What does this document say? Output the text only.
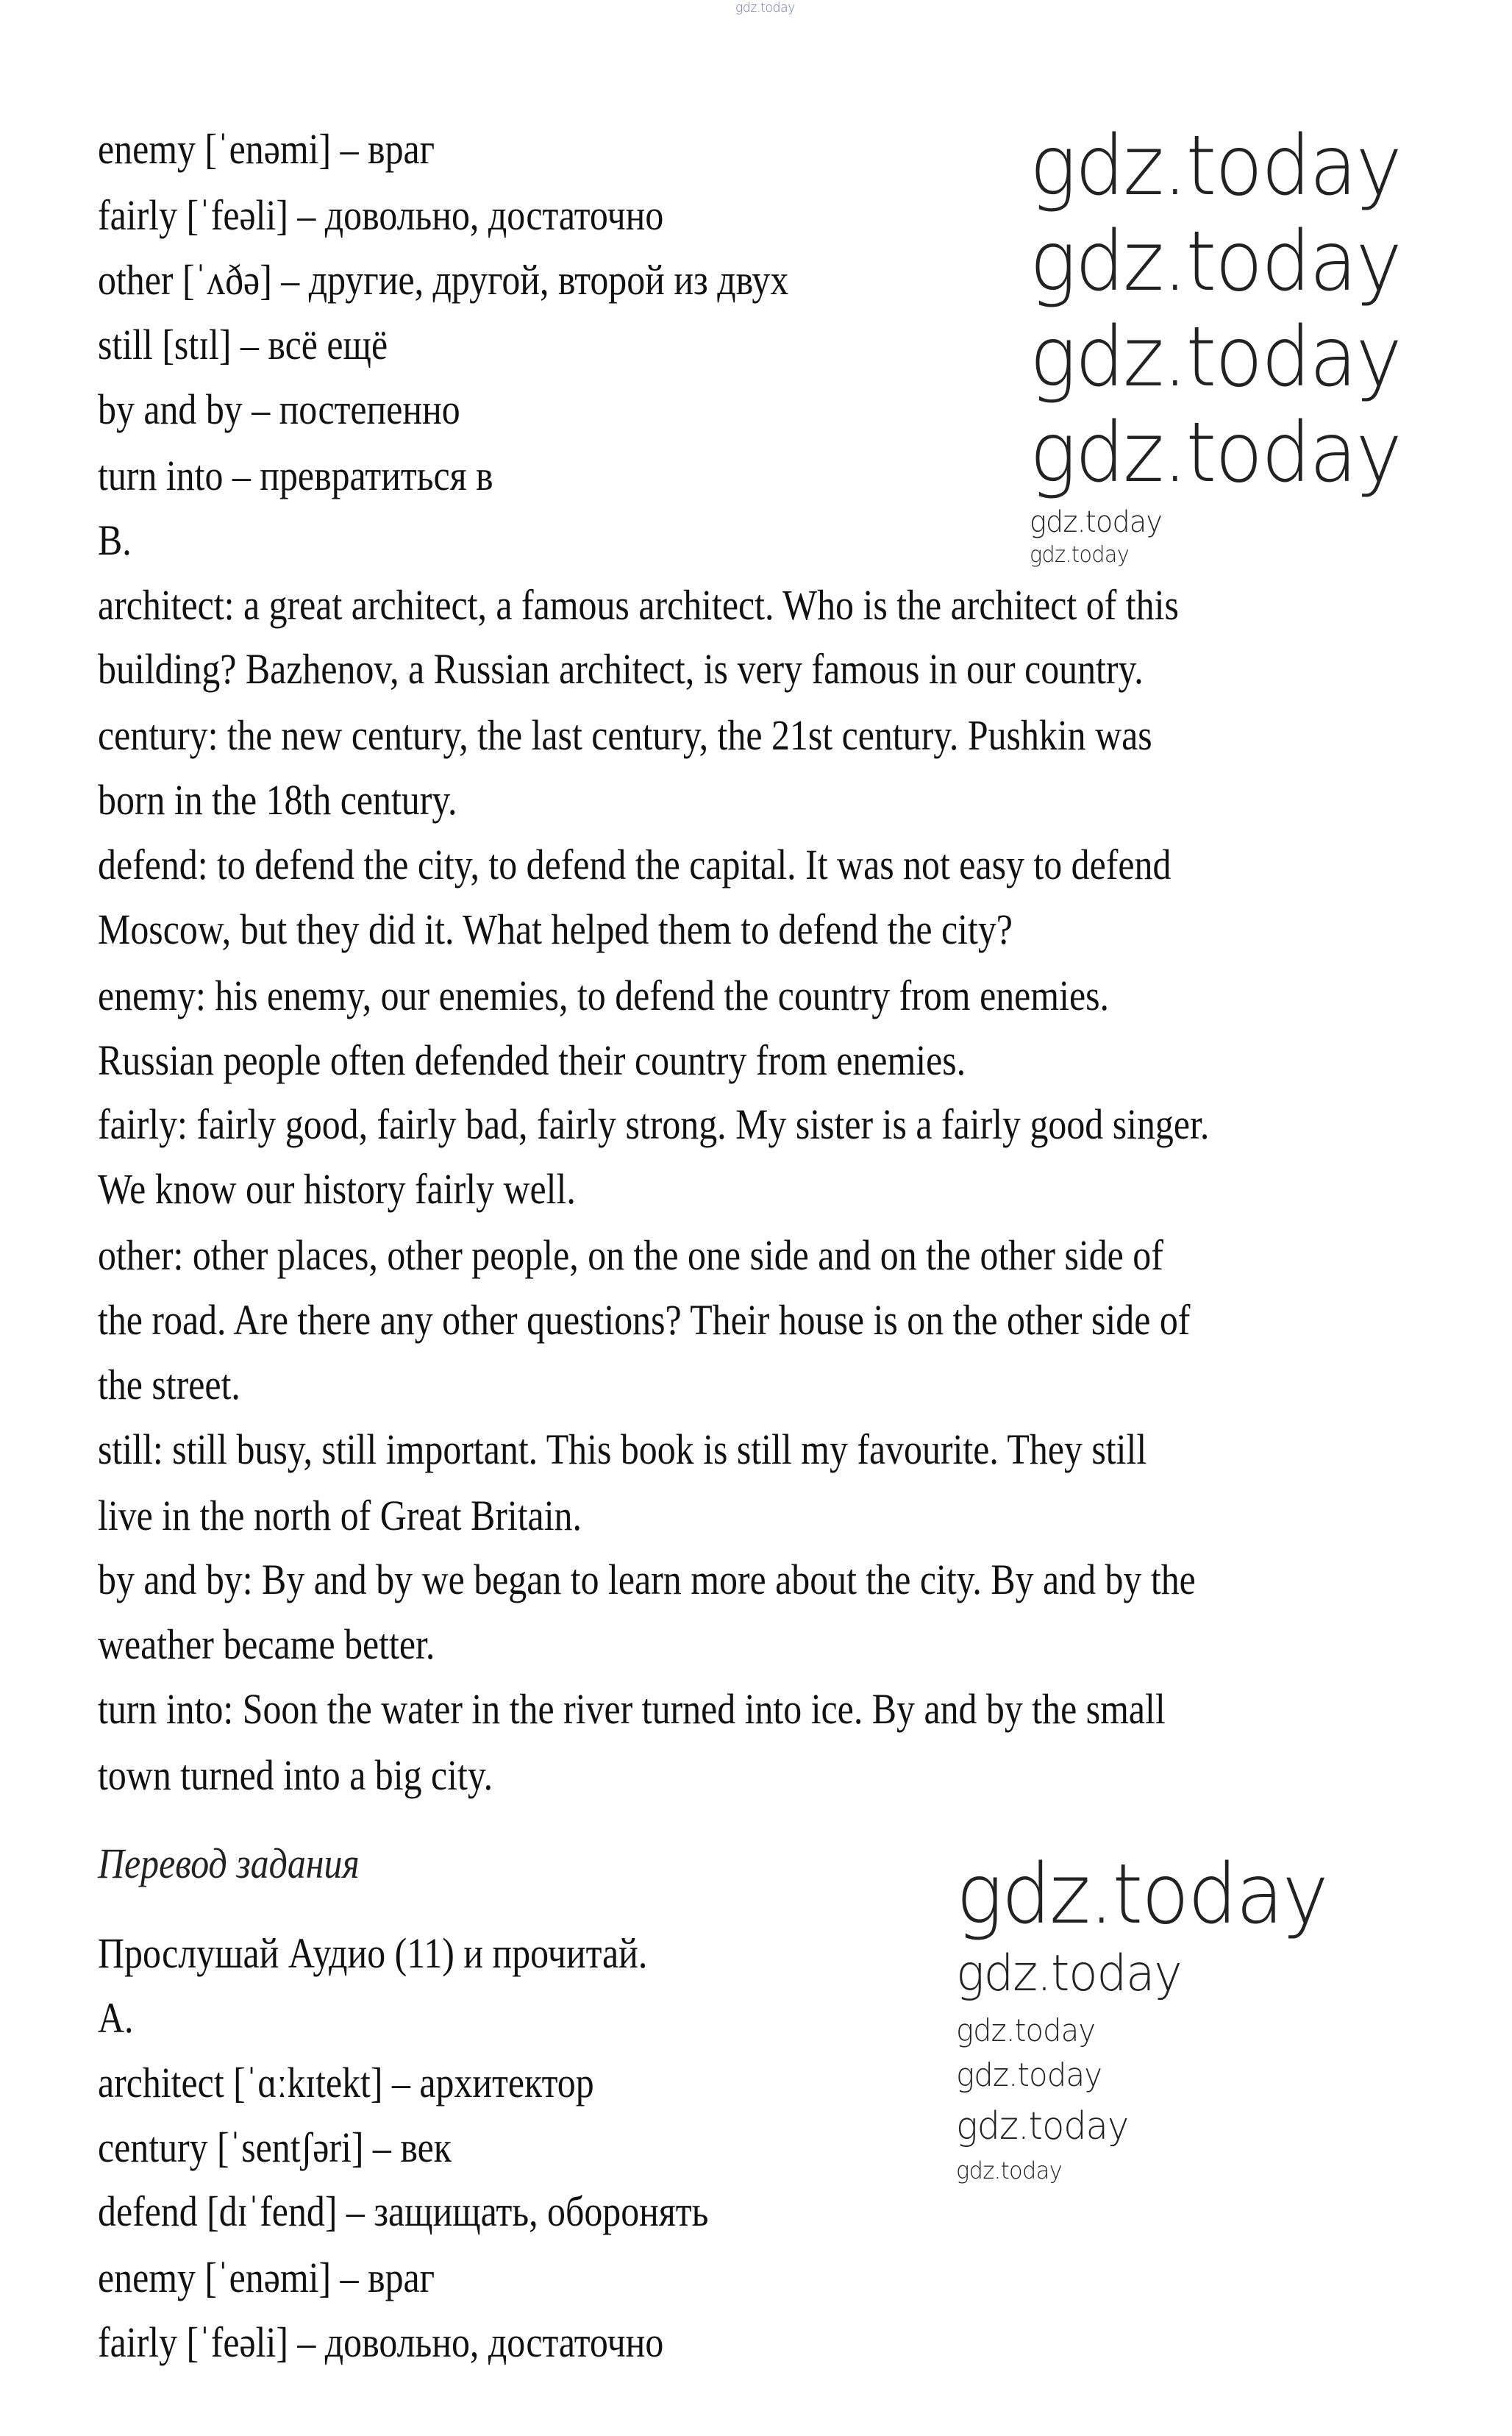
enemy [ˈenəmi] – враг
fairly [ˈfeəli] – довольно, достаточно
other [ˈʌðə] – другие, другой, второй из двух
still [stɪl] – всё ещё
by and by – постепенно
turn into – превратиться в
B.
architect: a great architect, a famous architect. Who is the architect of this
building? Bazhenov, a Russian architect, is very famous in our country.
century: the new century, the last century, the 21st century. Pushkin was
born in the 18th century.
defend: to defend the city, to defend the capital. It was not easy to defend
Moscow, but they did it. What helped them to defend the city?
enemy: his enemy, our enemies, to defend the country from enemies.
Russian people often defended their country from enemies.
fairly: fairly good, fairly bad, fairly strong. My sister is a fairly good singer.
We know our history fairly well.
other: other places, other people, on the one side and on the other side of
the road. Are there any other questions? Their house is on the other side of
the street.
still: still busy, still important. This book is still my favourite. They still
live in the north of Great Britain.
by and by: By and by we began to learn more about the city. By and by the
weather became better.
turn into: Soon the water in the river turned into ice. By and by the small
town turned into a big city.
Перевод задания
Прослушай Аудио (11) и прочитай.
A.
architect [ˈɑːkɪtekt] – архитектор
century [ˈsentʃəri] – век
defend [dɪˈfend] – защищать, оборонять
enemy [ˈenəmi] – враг
fairly [ˈfeəli] – довольно, достаточно
gdz.today
gdz.today
gdz.today
gdz.today
gdz.today
gdz.today
gdz.today
gdz.today
gdz.today
gdz.today
gdz.today
gdz.today
gdz.today
